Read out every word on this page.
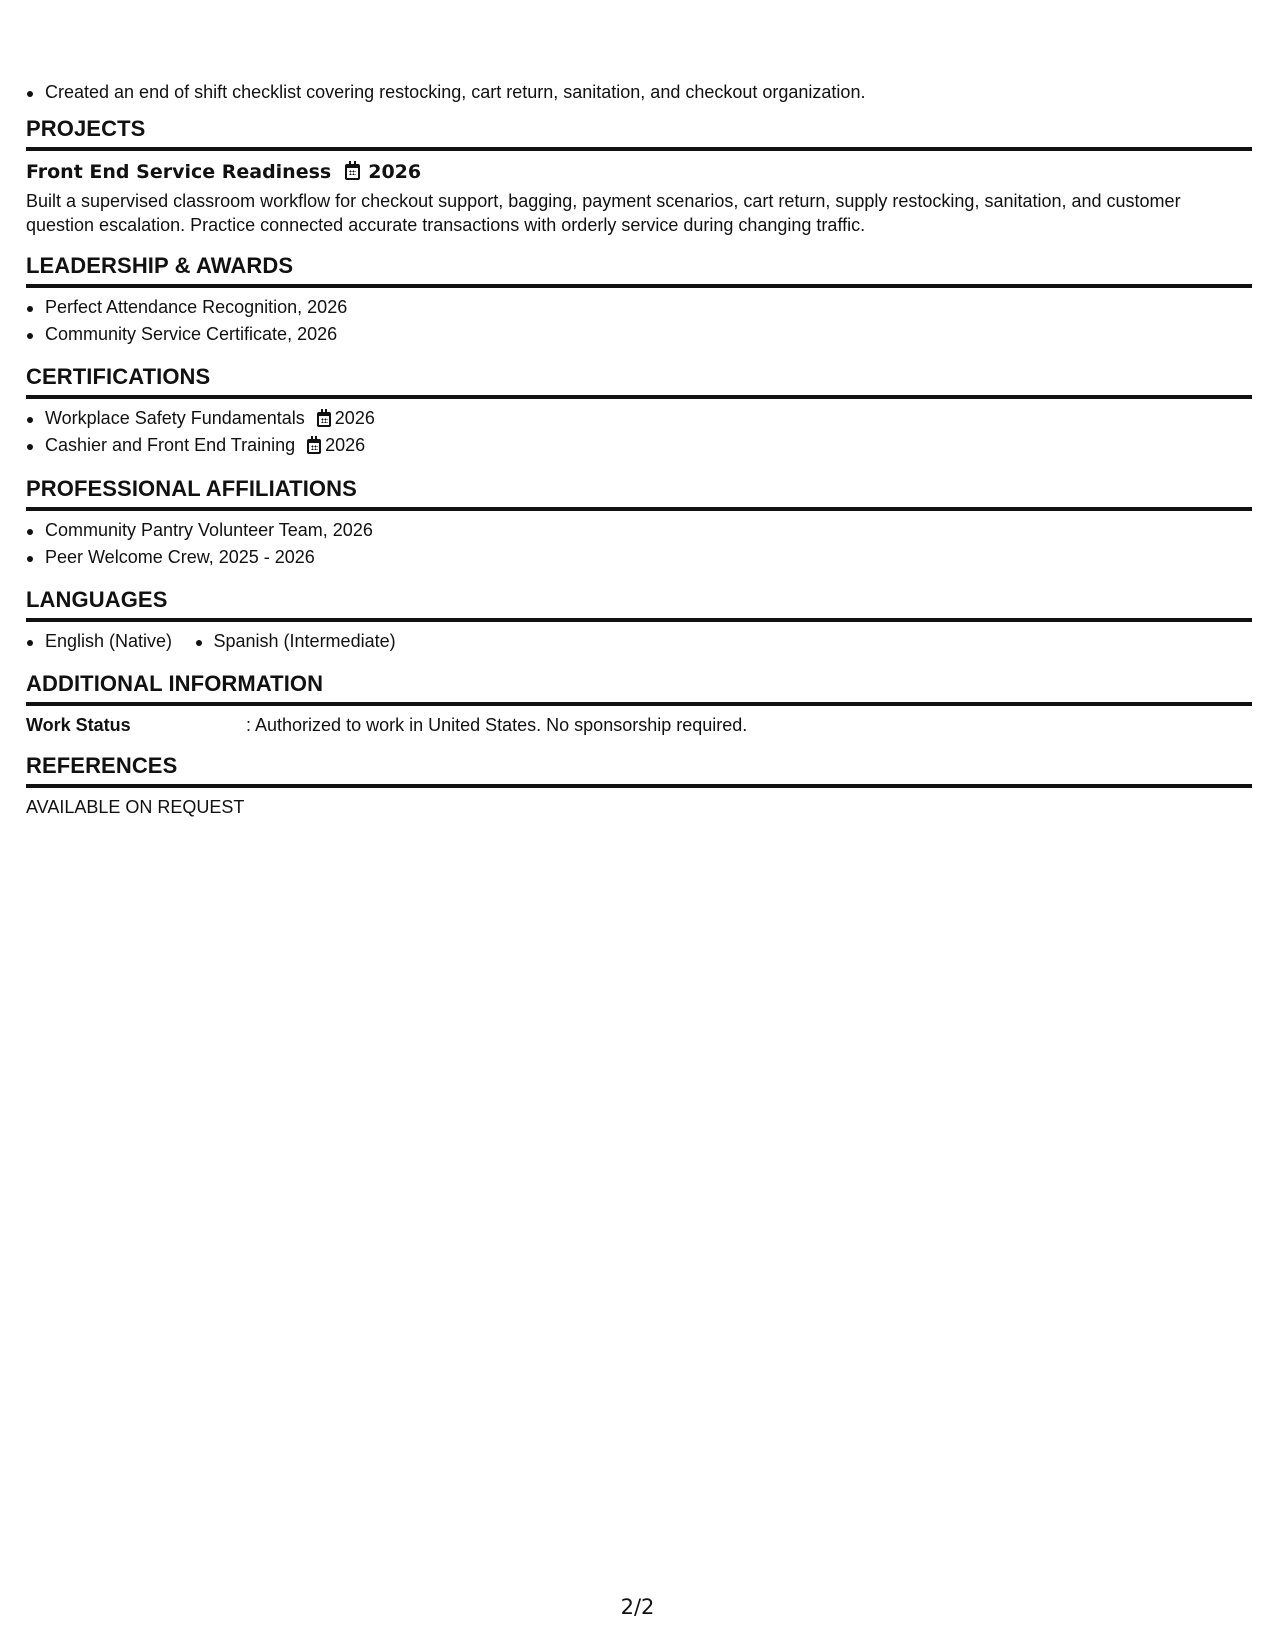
Created an end of shift checklist covering restocking, cart return, sanitation, and checkout organization.
PROJECTS
Front End Service Readiness 2026

Built a supervised classroom workflow for checkout support, bagging, payment scenarios, cart return, supply restocking, sanitation, and customer question escalation. Practice connected accurate transactions with orderly service during changing traffic.

LEADERSHIP & AWARDS
Perfect Attendance Recognition, 2026
Community Service Certificate, 2026
CERTIFICATIONS
Workplace Safety Fundamentals 2026
Cashier and Front End Training 2026
PROFESSIONAL AFFILIATIONS
Community Pantry Volunteer Team, 2026
Peer Welcome Crew, 2025 - 2026
LANGUAGES
English (Native) Spanish (Intermediate)
ADDITIONAL INFORMATION
Work Status	: Authorized to work in United States. No sponsorship required.
REFERENCES
AVAILABLE ON REQUEST
2/2
